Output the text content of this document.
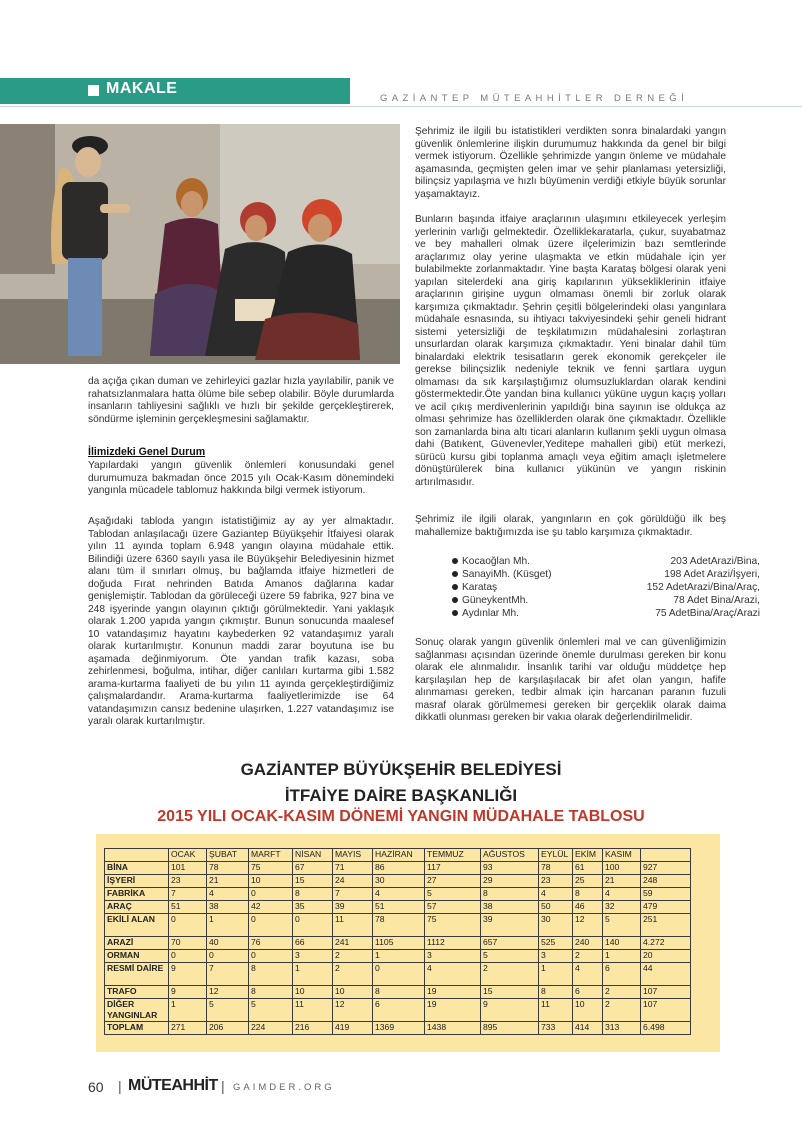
MAKALE
GAZİANTEP MÜTEAHHİTLER DERNEĞİ
da açığa çıkan duman ve zehirleyici gazlar hızla yayılabilir, panik ve rahatsızlanmalara hatta ölüme bile sebep olabilir. Böyle durumlarda insanların tahliyesini sağlıklı ve hızlı bir şekilde gerçekleştirerek, söndürme işleminin gerçekleşmesini sağlamaktır.
İlimizdeki Genel Durum
Yapılardaki yangın güvenlik önlemleri konusundaki genel durumumuza bakmadan önce 2015 yılı Ocak-Kasım dönemindeki yangınla mücadele tablomuz hakkında bilgi vermek istiyorum.
Aşağıdaki tabloda yangın istatistiğimiz ay ay yer almaktadır. Tablodan anlaşılacağı üzere Gaziantep Büyükşehir İtfaiyesi olarak yılın 11 ayında toplam 6.948 yangın olayına müdahale ettik. Bilindiği üzere 6360 sayılı yasa ile Büyükşehir Belediyesinin hizmet alanı tüm il sınırları olmuş, bu bağlamda itfaiye hizmetleri de doğuda Fırat nehrinden Batıda Amanos dağlarına kadar genişlemiştir. Tablodan da görüleceği üzere 59 fabrika, 927 bina ve 248 işyerinde yangın olayının çıktığı görülmektedir. Yani yaklaşık olarak 1.200 yapıda yangın çıkmıştır. Bunun sonucunda maalesef 10 vatandaşımız hayatını kaybederken 92 vatandaşımız yaralı olarak kurtarılmıştır. Konunun maddi zarar boyutuna ise bu aşamada değinmiyorum. Öte yandan trafik kazası, soba zehirlenmesi, boğulma, intihar, diğer canlıları kurtarma gibi 1.582 arama-kurtarma faaliyeti de bu yılın 11 ayında gerçekleştirdiğimiz çalışmalardandır. Arama-kurtarma faaliyetlerimizde ise 64 vatandaşımızın cansız bedenine ulaşırken, 1.227 vatandaşımız ise yaralı olarak kurtarılmıştır.
Şehrimiz ile ilgili bu istatistikleri verdikten sonra binalardaki yangın güvenlik önlemlerine ilişkin durumumuz hakkında da genel bir bilgi vermek istiyorum. Özellikle şehrimizde yangın önleme ve müdahale aşamasında, geçmişten gelen imar ve şehir planlaması yetersizliği, bilinçsiz yapılaşma ve hızlı büyümenin verdiği etkiyle büyük sorunlar yaşamaktayız.
Bunların başında itfaiye araçlarının ulaşımını etkileyecek yerleşim yerlerinin varlığı gelmektedir. Özelliklekaratarla, çukur, suyabatmaz ve bey mahalleri olmak üzere ilçelerimizin bazı semtlerinde araçlarımız olay yerine ulaşmakta ve etkin müdahale için yer bulabilmekte zorlanmaktadır. Yine başta Karataş bölgesi olarak yeni yapılan sitelerdeki ana giriş kapılarının yüksekliklerinin itfaiye araçlarının girişine uygun olmaması önemli bir zorluk olarak karşımıza çıkmaktadır. Şehrin çeşitli bölgelerindeki olası yangınlara müdahale esnasında, su ihtiyacı takviyesindeki şehir geneli hidrant sistemi yetersizliği de teşkilatımızın müdahalesini zorlaştıran unsurlardan olarak karşımıza çıkmaktadır. Yeni binalar dahil tüm binalardaki elektrik tesisatların gerek ekonomik gerekçeler ile gerekse bilinçsizlik nedeniyle teknik ve fenni şartlara uygun olmaması da sık karşılaştığımız olumsuzluklardan olarak kendini göstermektedir.Öte yandan bina kullanıcı yüküne uygun kaçış yolları ve acil çıkış merdivenlerinin yapıldığı bina sayının ise oldukça az olması şehrimize has özelliklerden olarak öne çıkmaktadır. Özellikle son zamanlarda bina altı ticari alanların kullanım şekli uygun olmasa dahi (Batıkent, Güvenevler,Yeditepe mahalleri gibi) etüt merkezi, sürücü kursu gibi toplanma amaçlı veya eğitim amaçlı işletmelere dönüştürülerek bina kullanıcı yükünün ve yangın riskinin artırılmasıdır.
Şehrimiz ile ilgili olarak, yangınların en çok görüldüğü ilk beş mahallemize baktığımızda ise şu tablo karşımıza çıkmaktadır.
Kocaoğlan Mh.	203 AdetArazi/Bina,
SanayiMh. (Küsget)	198 Adet Arazi/İşyeri,
Karataş	152 AdetArazi/Bina/Araç,
GüneykentMh.	78 Adet Bina/Arazi,
Aydınlar Mh.	75 AdetBina/Araç/Arazi
Sonuç olarak yangın güvenlik önlemleri mal ve can güvenliğimizin sağlanması açısından üzerinde önemle durulması gereken bir konu olarak ele alınmalıdır. İnsanlık tarihi var olduğu müddetçe hep karşılaşılan hep de karşılaşılacak bir afet olan yangın, hafife alınmaması gereken, tedbir almak için harcanan paranın fuzuli masraf olarak görülmemesi gereken bir gerçeklik olarak daima dikkatli olunması gereken bir vakıa olarak değerlendirilmelidir.
GAZİANTEP BÜYÜKŞEHİR BELEDİYESİ
İTFAİYE DAİRE BAŞKANLIĞI
2015 YILI OCAK-KASIM DÖNEMİ YANGIN MÜDAHALE TABLOSU
	OCAK	ŞUBAT	MARFT	NİSAN	MAYIS	HAZİRAN	TEMMUZ	AĞUSTOS	EYLÜL	EKİM	KASIM	
BİNA	101	78	75	67	71	86	117	93	78	61	100	927
İŞYERİ	23	21	10	15	24	30	27	29	23	25	21	248
FABRİKA	7	4	0	8	7	4	5	8	4	8	4	59
ARAÇ	51	38	42	35	39	51	57	38	50	46	32	479
EKİLİ ALAN	0	1	0	0	11	78	75	39	30	12	5	251
ARAZİ	70	40	76	66	241	1105	1112	657	525	240	140	4.272
ORMAN	0	0	0	3	2	1	3	5	3	2	1	20
RESMİ DAİRE	9	7	8	1	2	0	4	2	1	4	6	44
TRAFO	9	12	8	10	10	8	19	15	8	6	2	107
DİĞER YANGINLAR	1	5	5	11	12	6	19	9	11	10	2	107
TOPLAM	271	206	224	216	419	1369	1438	895	733	414	313	6.498
60 | MÜTEAHHİT | GAIMDER.ORG
